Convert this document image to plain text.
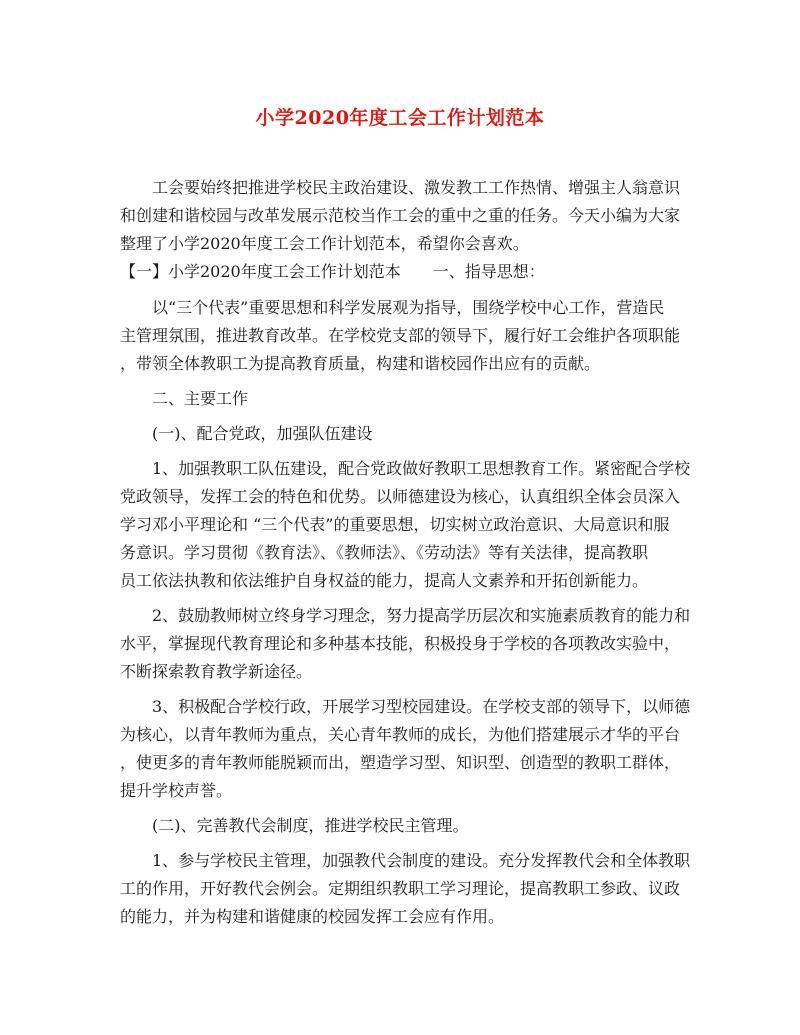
小学2020年度工会工作计划范本
　　工会要始终把推进学校民主政治建设、激发教工工作热情、增强主人翁意识
和创建和谐校园与改革发展示范校当作工会的重中之重的任务。今天小编为大家
整理了小学2020年度工会工作计划范本，希望你会喜欢。
【一】小学2020年度工会工作计划范本　　一、指导思想：
　　以“三个代表”重要思想和科学发展观为指导，围绕学校中心工作，营造民
主管理氛围，推进教育改革。在学校党支部的领导下，履行好工会维护各项职能
，带领全体教职工为提高教育质量，构建和谐校园作出应有的贡献。
　　二、主要工作
　　(一)、配合党政，加强队伍建设
　　1、加强教职工队伍建设，配合党政做好教职工思想教育工作。紧密配合学校
党政领导，发挥工会的特色和优势。以师德建设为核心，认真组织全体会员深入
学习邓小平理论和 “三个代表”的重要思想，切实树立政治意识、大局意识和服
务意识。学习贯彻《教育法》、《教师法》、《劳动法》等有关法律，提高教职
员工依法执教和依法维护自身权益的能力，提高人文素养和开拓创新能力。
　　2、鼓励教师树立终身学习理念，努力提高学历层次和实施素质教育的能力和
水平，掌握现代教育理论和多种基本技能，积极投身于学校的各项教改实验中，
不断探索教育教学新途径。
　　3、积极配合学校行政，开展学习型校园建设。在学校支部的领导下，以师德
为核心，以青年教师为重点，关心青年教师的成长，为他们搭建展示才华的平台
，使更多的青年教师能脱颖而出，塑造学习型、知识型、创造型的教职工群体，
提升学校声誉。
　　(二)、完善教代会制度，推进学校民主管理。
　　1、参与学校民主管理，加强教代会制度的建设。充分发挥教代会和全体教职
工的作用，开好教代会例会。定期组织教职工学习理论，提高教职工参政、议政
的能力，并为构建和谐健康的校园发挥工会应有作用。
